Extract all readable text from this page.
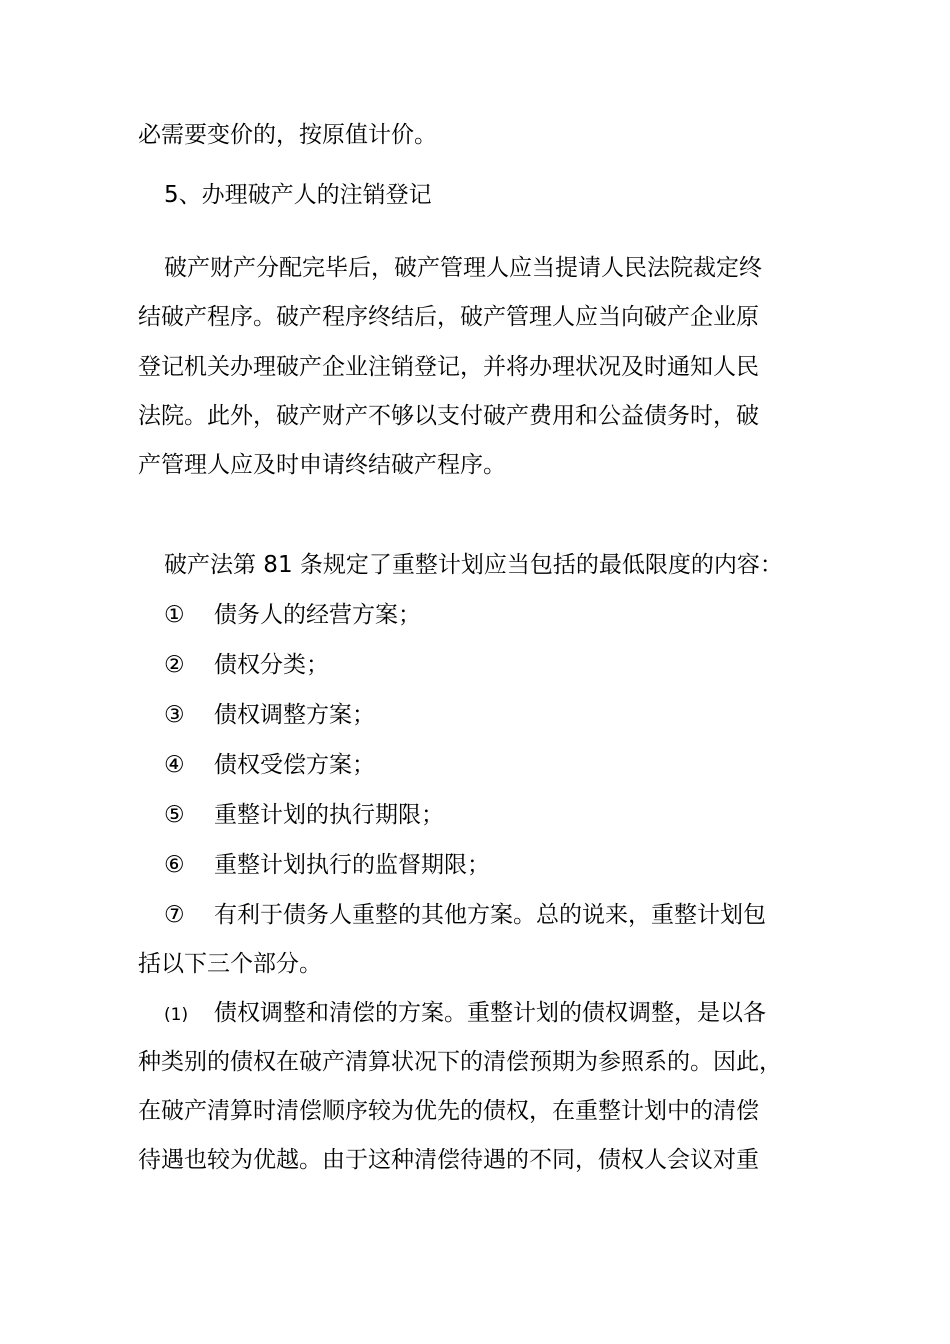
必需要变价的，按原值计价。
5、办理破产人的注销登记
破产财产分配完毕后，破产管理人应当提请人民法院裁定终
结破产程序。破产程序终结后，破产管理人应当向破产企业原
登记机关办理破产企业注销登记，并将办理状况及时通知人民
法院。此外，破产财产不够以支付破产费用和公益债务时，破
产管理人应及时申请终结破产程序。
破产法第 81 条规定了重整计划应当包括的最低限度的内容：
① 债务人的经营方案；
② 债权分类；
③ 债权调整方案；
④ 债权受偿方案；
⑤ 重整计划的执行期限；
⑥ 重整计划执行的监督期限；
⑦ 有利于债务人重整的其他方案。总的说来，重整计划包
括以下三个部分。
(1) 债权调整和清偿的方案。重整计划的债权调整，是以各
种类别的债权在破产清算状况下的清偿预期为参照系的。因此，
在破产清算时清偿顺序较为优先的债权，在重整计划中的清偿
待遇也较为优越。由于这种清偿待遇的不同，债权人会议对重
